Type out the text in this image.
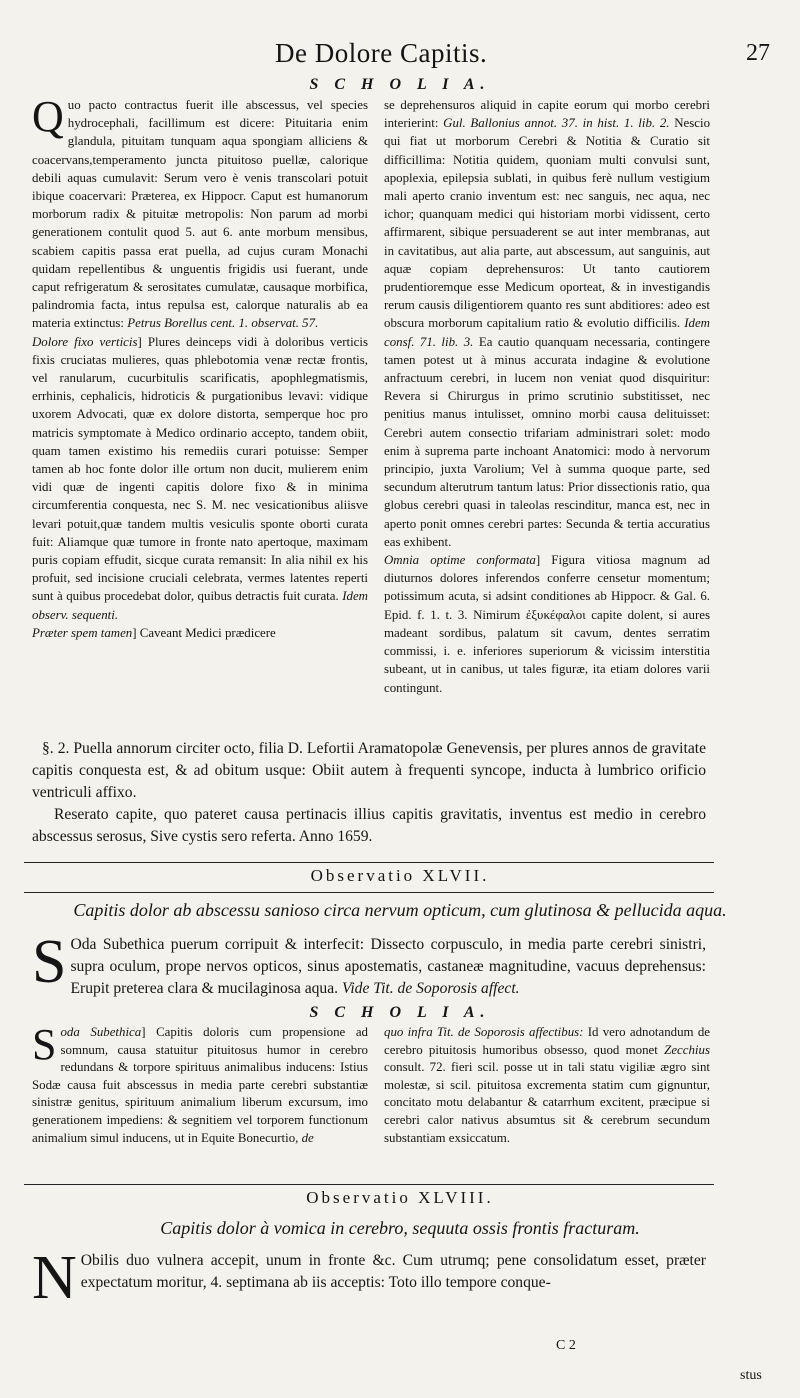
De Dolore Capitis.	27
S C H O L I A.

Quo pacto contractus fuerit ille abscessus, vel species hydrocephali, facillimum est dicere: Pituitaria enim glandula, pituitam tunquam aqua spongiam alliciens & coacervans,temperamento juncta pituitoso puellæ, calorique debili aquas cumulavit: Serum vero è venis transcolari potuit ibique coacervari: Præterea, ex Hippocr. Caput est humanorum morborum radix & pituitæ metropolis: Non parum ad morbi generationem contulit quod 5. aut 6. ante morbum mensibus, scabiem capitis passa erat puella, ad cujus curam Monachi quidam repellentibus & unguentis frigidis usi fuerant, unde caput refrigeratum & serositates cumulatæ, causaque morbifica, palindromia facta, intus repulsa est, calorque naturalis ab ea materia extinctus: Petrus Borellus cent. 1. observat. 57.

Dolore fixo verticis] Plures deinceps vidi à doloribus verticis fixis cruciatas mulieres, quas phlebotomia venæ rectæ frontis, vel ranularum, cucurbitulis scarificatis, apophlegmatismis, errhinis, cephalicis, hidroticis & purgationibus levavi: vidique uxorem Advocati, quæ ex dolore distorta, semperque hoc pro matricis symptomate à Medico ordinario accepto, tandem obiit, quam tamen existimo his remediis curari potuisse: Semper tamen ab hoc fonte dolor ille ortum non ducit, mulierem enim vidi quæ de ingenti capitis dolore fixo & in minima circumferentia conquesta, nec S. M. nec vesicationibus aliisve levari potuit,quæ tandem multis vesiculis sponte oborti curata fuit: Aliamque quæ tumore in fronte nato apertoque, maximam puris copiam effudit, sicque curata remansit: In alia nihil ex his profuit, sed incisione cruciali celebrata, vermes latentes reperti sunt à quibus procedebat dolor, quibus detractis fuit curata. Idem observ. sequenti.

Præter spem tamen] Caveant Medici prædicere

se deprehensuros aliquid in capite eorum qui morbo cerebri interierint: Gul. Ballonius annot. 37. in hist. 1. lib. 2. Nescio qui fiat ut morborum Cerebri & Notitia & Curatio sit difficillima: Notitia quidem, quoniam multi convulsi sunt, apoplexia, epilepsia sublati, in quibus ferè nullum vestigium mali aperto cranio inventum est: nec sanguis, nec aqua, nec ichor; quanquam medici qui historiam morbi vidissent, certo affirmarent, sibique persuaderent se aut inter membranas, aut in cavitatibus, aut alia parte, aut abscessum, aut sanguinis, aut aquæ copiam deprehensuros: Ut tanto cautiorem prudentioremque esse Medicum oporteat, & in investigandis rerum causis diligentiorem quanto res sunt abditiores: adeo est obscura morborum capitalium ratio & evolutio difficilis. Idem consf. 71. lib. 3. Ea cautio quanquam necessaria, contingere tamen potest ut à minus accurata indagine & evolutione anfractuum cerebri, in lucem non veniat quod disquiritur: Revera si Chirurgus in primo scrutinio substitisset, nec penitius manus intulisset, omnino morbi causa delituisset: Cerebri autem consectio trifariam administrari solet: modo enim à suprema parte inchoant Anatomici: modo à nervorum principio, juxta Varolium; Vel à summa quoque parte, sed secundum alterutrum tantum latus: Prior dissectionis ratio, qua globus cerebri quasi in taleolas rescinditur, manca est, nec in aperto ponit omnes cerebri partes: Secunda & tertia accuratius eas exhibent.

Omnia optime conformata] Figura vitiosa magnum ad diuturnos dolores inferendos conferre censetur momentum; potissimum acuta, si adsint conditiones ab Hippocr. & Gal. 6. Epid. f. 1. t. 3. Nimirum ἐξυκέφαλοι capite dolent, si aures madeant sordibus, palatum sit cavum, dentes serratim commissi, i. e. inferiores superiorum & vicissim interstitia subeant, ut in canibus, ut tales figuræ, ita etiam dolores varii contingunt.

§. 2. Puella annorum circiter octo, filia D. Lefortii Aramatopolæ Genevensis, per plures annos de gravitate capitis conquesta est, & ad obitum usque: Obiit autem à frequenti syncope, inducta à lumbrico orificio ventriculi affixo.

Reserato capite, quo pateret causa pertinacis illius capitis gravitatis, inventus est medio in cerebro abscessus serosus, Sive cystis sero referta. Anno 1659.

Observatio XLVII.
Capitis dolor ab abscessu sanioso circa nervum opticum, cum glutinosa & pellucida aqua.

S Oda Subethica puerum corripuit & interfecit: Dissecto corpusculo, in media parte cerebri sinistri, supra oculum, prope nervos opticos, sinus apostematis, castaneæ magnitudine, vacuus deprehensus: Erupit preterea clara & mucilaginosa aqua. Vide Tit. de Soporosis affect.

S C H O L I A.

Soda Subethica] Capitis doloris cum propensione ad somnum, causa statuitur pituitosus humor in cerebro redundans & torpore spirituus animalibus inducens: Istius Sodæ causa fuit abscessus in media parte cerebri substantiæ sinistræ genitus, spirituum animalium liberum excursum, imo generationem impediens: & segnitiem vel torporem functionum animalium simul inducens, ut in Equite Bonecurtio, de

quo infra Tit. de Soporosis affectibus: Id vero adnotandum de cerebro pituitosis humoribus obsesso, quod monet Zecchius consult. 72. fieri scil. posse ut in tali statu vigiliæ ægro sint molestæ, si scil. pituitosa excrementa statim cum gignuntur, concitato motu delabantur & catarrhum excitent, præcipue si cerebri calor nativus absumtus sit & cerebrum secundum substantiam exsiccatum.

Observatio XLVIII.
Capitis dolor à vomica in cerebro, sequuta ossis frontis fracturam.

N Obilis duo vulnera accepit, unum in fronte &c. Cum utrumq; pene consolidatum esset, præter expectatum moritur, 4. septimana ab iis acceptis: Toto illo tempore conque-

C 2
stus
